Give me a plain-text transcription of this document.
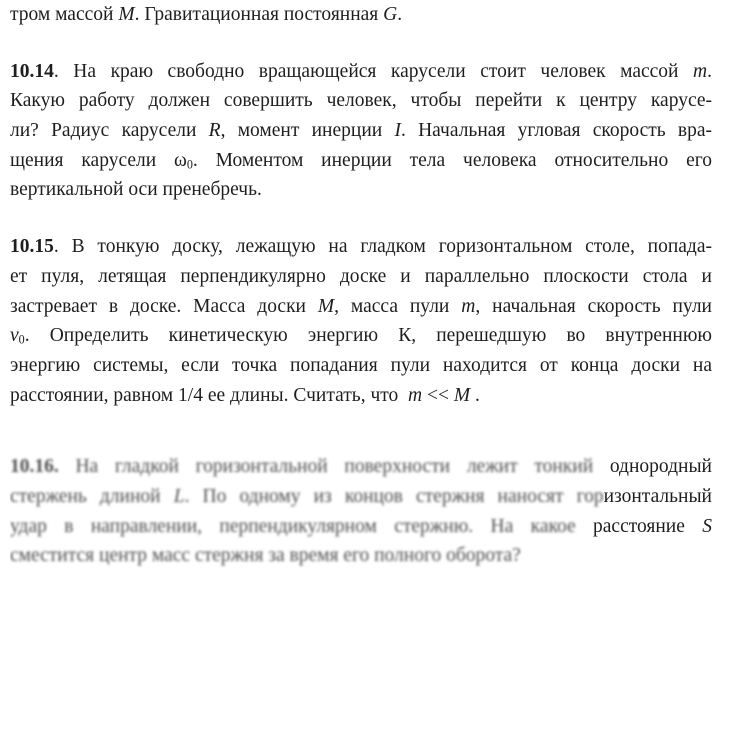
тром массой M. Гравитационная постоянная G.
10.14. На краю свободно вращающейся карусели стоит человек массой m.
Какую работу должен совершить человек, чтобы перейти к центру карусе-
ли? Радиус карусели R, момент инерции I. Начальная угловая скорость вра-
щения карусели $\omega_0$. Моментом инерции тела человека относительно его
вертикальной оси пренебречь.
10.15. В тонкую доску, лежащую на гладком горизонтальном столе, попада-
ет пуля, летящая перпендикулярно доске и параллельно плоскости стола и
застревает в доске. Масса доски M, масса пули m, начальная скорость пули
$v_0$. Определить кинетическую энергию К, перешедшую во внутреннюю
энергию системы, если точка попадания пули находится от конца доски на
расстоянии, равном 1/4 ее длины. Считать, что  m << M .
10.16. На гладкой горизонтальной поверхности лежит тонкий однородный
стержень длиной L. По одному из концов стержня наносят горизонтальный
удар в направлении, перпендикулярном стержню. На какое расстояние S
сместится центр масс стержня за время его полного оборота?
